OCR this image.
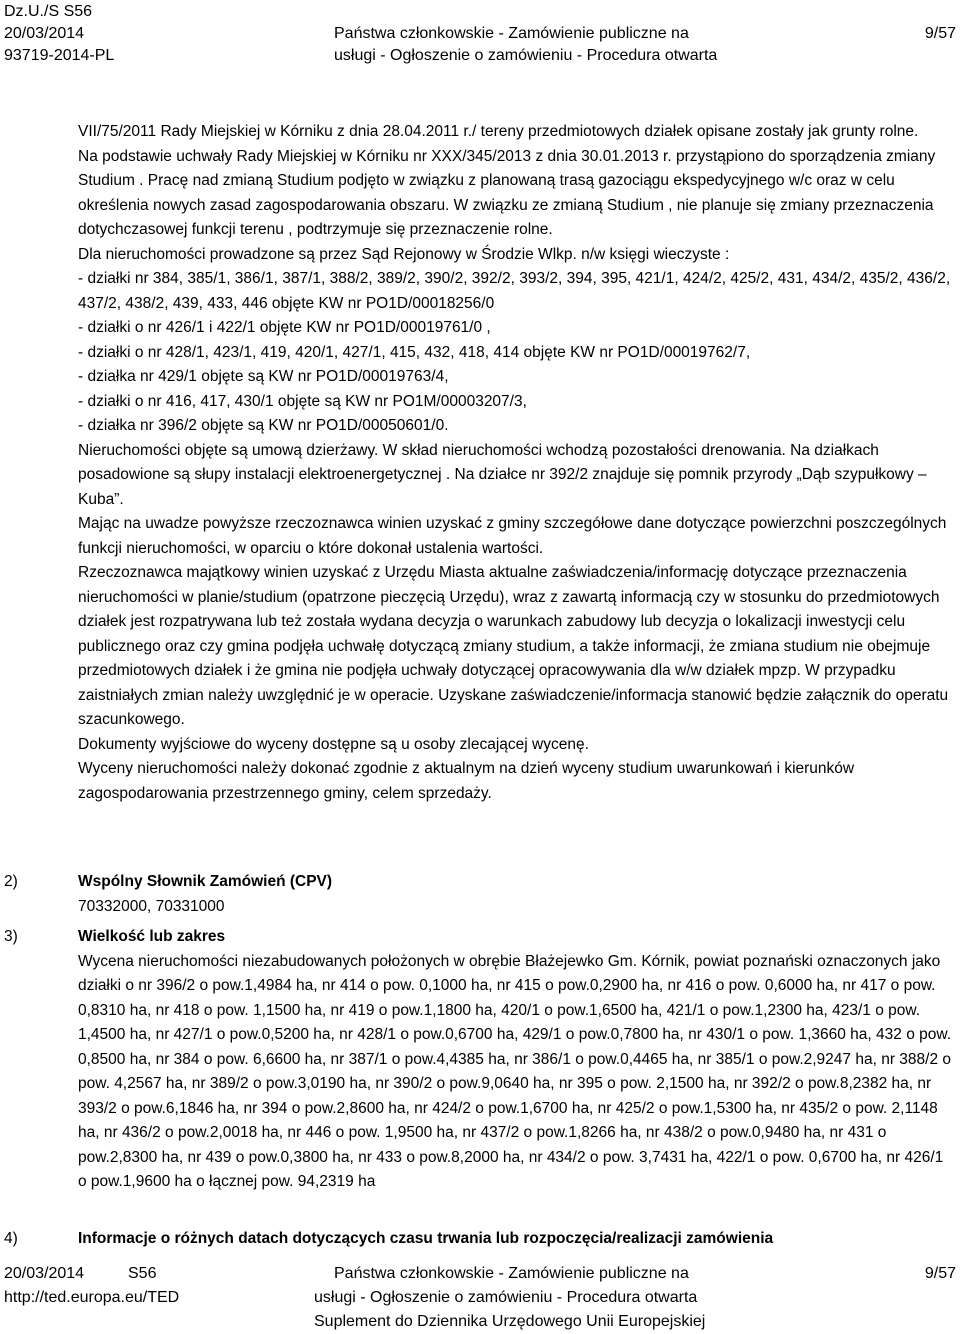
Dz.U./S S56
20/03/2014
93719-2014-PL
Państwa członkowskie - Zamówienie publiczne na
usługi - Ogłoszenie o zamówieniu - Procedura otwarta
9/57

VII/75/2011 Rady Miejskiej w Kórniku z dnia 28.04.2011 r./ tereny przedmiotowych działek opisane zostały jak grunty rolne.

Na podstawie uchwały Rady Miejskiej w Kórniku nr XXX/345/2013 z dnia 30.01.2013 r. przystąpiono do sporządzenia zmiany Studium . Pracę nad zmianą Studium podjęto w związku z planowaną trasą gazociągu ekspedycyjnego w/c oraz w celu określenia nowych zasad zagospodarowania obszaru. W związku ze zmianą Studium , nie planuje się zmiany przeznaczenia dotychczasowej funkcji terenu , podtrzymuje się przeznaczenie rolne.

Dla nieruchomości prowadzone są przez Sąd Rejonowy w Środzie Wlkp. n/w księgi wieczyste :

- działki nr 384, 385/1, 386/1, 387/1, 388/2, 389/2, 390/2, 392/2, 393/2, 394, 395, 421/1, 424/2, 425/2, 431, 434/2, 435/2, 436/2, 437/2, 438/2, 439, 433, 446 objęte KW nr PO1D/00018256/0

- działki o nr 426/1 i 422/1 objęte KW nr PO1D/00019761/0 ,

- działki o nr 428/1, 423/1, 419, 420/1, 427/1, 415, 432, 418, 414 objęte KW nr PO1D/00019762/7,

- działka nr 429/1 objęte są KW nr PO1D/00019763/4,

- działki o nr 416, 417, 430/1 objęte są KW nr PO1M/00003207/3,

- działka nr 396/2 objęte są KW nr PO1D/00050601/0.

Nieruchomości objęte są umową dzierżawy. W skład nieruchomości wchodzą pozostałości drenowania. Na działkach posadowione są słupy instalacji elektroenergetycznej . Na działce nr 392/2 znajduje się pomnik przyrody „Dąb szypułkowy –Kuba”.

Mając na uwadze powyższe rzeczoznawca winien uzyskać z gminy szczegółowe dane dotyczące powierzchni poszczególnych funkcji nieruchomości, w oparciu o które dokonał ustalenia wartości.

Rzeczoznawca majątkowy winien uzyskać z Urzędu Miasta aktualne zaświadczenia/informację dotyczące przeznaczenia nieruchomości w planie/studium (opatrzone pieczęcią Urzędu), wraz z zawartą informacją czy w stosunku do przedmiotowych działek jest rozpatrywana lub też została wydana decyzja o warunkach zabudowy lub decyzja o lokalizacji inwestycji celu publicznego oraz czy gmina podjęła uchwałę dotyczącą zmiany studium, a także informacji, że zmiana studium nie obejmuje przedmiotowych działek i że gmina nie podjęła uchwały dotyczącej opracowywania dla w/w działek mpzp. W przypadku zaistniałych zmian należy uwzględnić je w operacie. Uzyskane zaświadczenie/informacja stanowić będzie załącznik do operatu szacunkowego.

Dokumenty wyjściowe do wyceny dostępne są u osoby zlecającej wycenę.

Wyceny nieruchomości należy dokonać zgodnie z aktualnym na dzień wyceny studium uwarunkowań i kierunków zagospodarowania przestrzennego gminy, celem sprzedaży.

2)	Wspólny Słownik Zamówień (CPV)
70332000, 70331000
3)	Wielkość lub zakres
Wycena nieruchomości niezabudowanych położonych w obrębie Błażejewko Gm. Kórnik, powiat poznański oznaczonych jako działki o nr 396/2 o pow.1,4984 ha, nr 414 o pow. 0,1000 ha, nr 415 o pow.0,2900 ha, nr 416 o pow. 0,6000 ha, nr 417 o pow. 0,8310 ha, nr 418 o pow. 1,1500 ha, nr 419 o pow.1,1800 ha, 420/1 o pow.1,6500 ha, 421/1 o pow.1,2300 ha, 423/1 o pow. 1,4500 ha, nr 427/1 o pow.0,5200 ha, nr 428/1 o pow.0,6700 ha, 429/1 o pow.0,7800 ha, nr 430/1 o pow. 1,3660 ha, 432 o pow. 0,8500 ha, nr 384 o pow. 6,6600 ha, nr 387/1 o pow.4,4385 ha, nr 386/1 o pow.0,4465 ha, nr 385/1 o pow.2,9247 ha, nr 388/2 o pow. 4,2567 ha, nr 389/2 o pow.3,0190 ha, nr 390/2 o pow.9,0640 ha, nr 395 o pow. 2,1500 ha, nr 392/2 o pow.8,2382 ha, nr 393/2 o pow.6,1846 ha, nr 394 o pow.2,8600 ha, nr 424/2 o pow.1,6700 ha, nr 425/2 o pow.1,5300 ha, nr 435/2 o pow. 2,1148 ha, nr 436/2 o pow.2,0018 ha, nr 446 o pow. 1,9500 ha, nr 437/2 o pow.1,8266 ha, nr 438/2 o pow.0,9480 ha, nr 431 o pow.2,8300 ha, nr 439 o pow.0,3800 ha, nr 433 o pow.8,2000 ha, nr 434/2 o pow. 3,7431 ha, 422/1 o pow. 0,6700 ha, nr 426/1 o pow.1,9600 ha o łącznej pow. 94,2319 ha
4)	Informacje o różnych datach dotyczących czasu trwania lub rozpoczęcia/realizacji zamówienia
20/03/2014	S56
http://ted.europa.eu/TED
Państwa członkowskie - Zamówienie publiczne na
usługi - Ogłoszenie o zamówieniu - Procedura otwarta
Suplement do Dziennika Urzędowego Unii Europejskiej
9/57
